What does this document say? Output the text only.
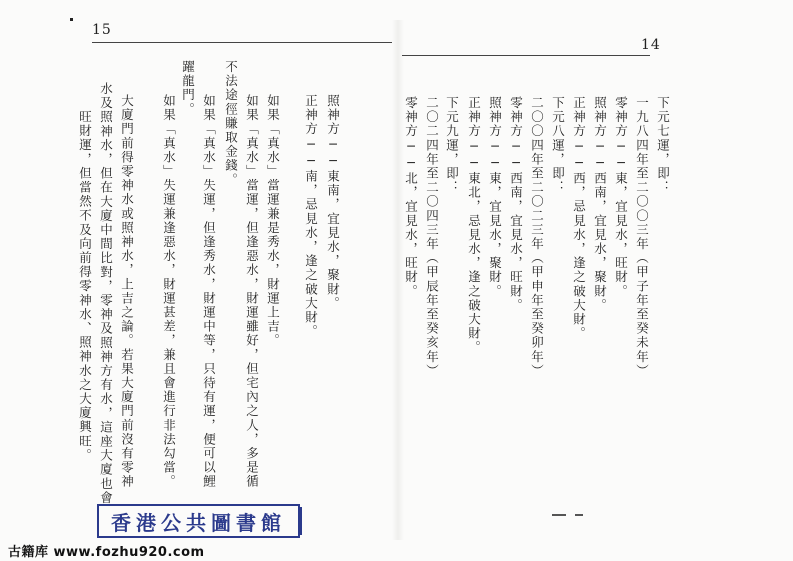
15
旺財運，但當然不及向前得零神水、照神水之大廈興旺。 水及照神水，但在大廈中間比對，零神及照神方有水，這座大廈也會 大廈門前得零神水或照神水，上吉之論。若果大廈門前沒有零神 如果「真水」失運兼逢惡水，財運甚差，兼且會進行非法勾當。
躍龍門。
如果「真水」失運，但逢秀水，財運中等，只待有運，便可以鯉 不法途徑賺取金錢。 如果「真水」當運，但逢惡水，財運雖好，但宅內之人，多是循 如果「真水」當運兼是秀水，財運上吉。 正神方──南，忌見水，逢之破大財。 照神方──東南，宜見水，聚財。
14
零神方──北，宜見水，旺財。 二〇二四年至二〇四三年（甲辰年至癸亥年） 下元九運，即： 正神方──東北，忌見水，逢之破大財。 照神方──東，宜見水，聚財。 零神方──西南，宜見水，旺財。 二〇〇四年至二〇二三年（甲申年至癸卯年） 下元八運，即： 正神方──西，忌見水，逢之破大財。 照神方──西南，宜見水，聚財。 零神方──東，宜見水，旺財。 一九八四年至二〇〇三年（甲子年至癸未年） 下元七運，即：
香港公共圖書館
古籍库 www.fozhu920.com
